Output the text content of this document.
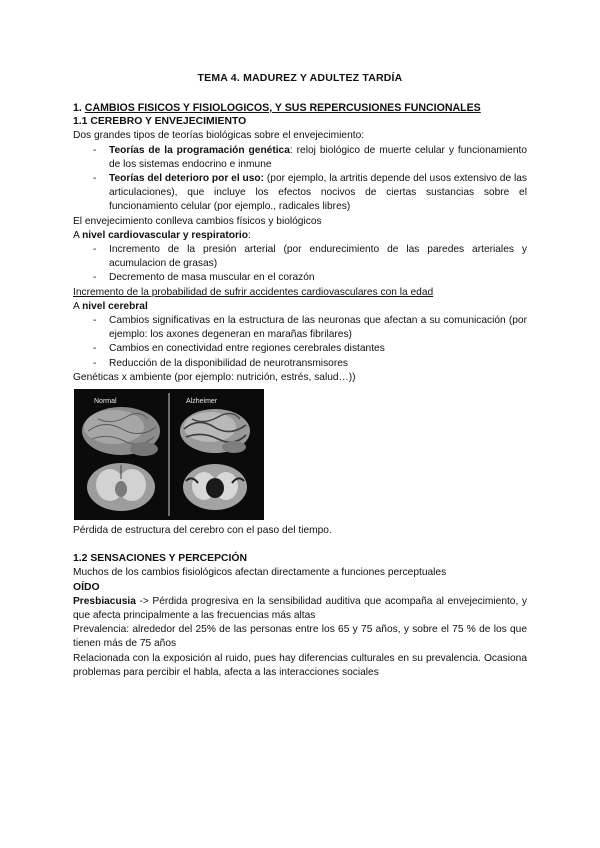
TEMA 4. MADUREZ Y ADULTEZ TARDÍA

1. CAMBIOS FISICOS Y FISIOLOGICOS, Y SUS REPERCUSIONES FUNCIONALES

1.1 CEREBRO Y ENVEJECIMIENTO

Dos grandes tipos de teorías biológicas sobre el envejecimiento:

- Teorías de la programación genética: reloj biológico de muerte celular y funcionamiento de los sistemas endocrino e inmune
- Teorías del deterioro por el uso: (por ejemplo, la artritis depende del usos extensivo de las articulaciones), que incluye los efectos nocivos de ciertas sustancias sobre el funcionamiento celular (por ejemplo., radicales libres)

El envejecimiento conlleva cambios físicos y biológicos

A nivel cardiovascular y respiratorio:

- Incremento de la presión arterial (por endurecimiento de las paredes arteriales y acumulacion de grasas)
- Decremento de masa muscular en el corazón

Incremento de la probabilidad de sufrir accidentes cardiovasculares con la edad

A nivel cerebral

- Cambios significativas en la estructura de las neuronas que afectan a su comunicación (por ejemplo: los axones degeneran en marañas fibrilares)
- Cambios en conectividad entre regiones cerebrales distantes
- Reducción de la disponibilidad de neurotransmisores

Genéticas x ambiente (por ejemplo: nutrición, estrés, salud…))

Normal	Alzheimer

Pérdida de estructura del cerebro con el paso del tiempo.

1.2 SENSACIONES Y PERCEPCIÓN

Muchos de los cambios fisiológicos afectan directamente a funciones perceptuales

OÍDO

Presbiacusia -> Pérdida progresiva en la sensibilidad auditiva que acompaña al envejecimiento, y que afecta principalmente a las frecuencias más altas

Prevalencia: alrededor del 25% de las personas entre los 65 y 75 años, y sobre el 75 % de los que tienen más de 75 años

Relacionada con la exposición al ruido, pues hay diferencias culturales en su prevalencia. Ocasiona problemas para percibir el habla, afecta a las interacciones sociales
